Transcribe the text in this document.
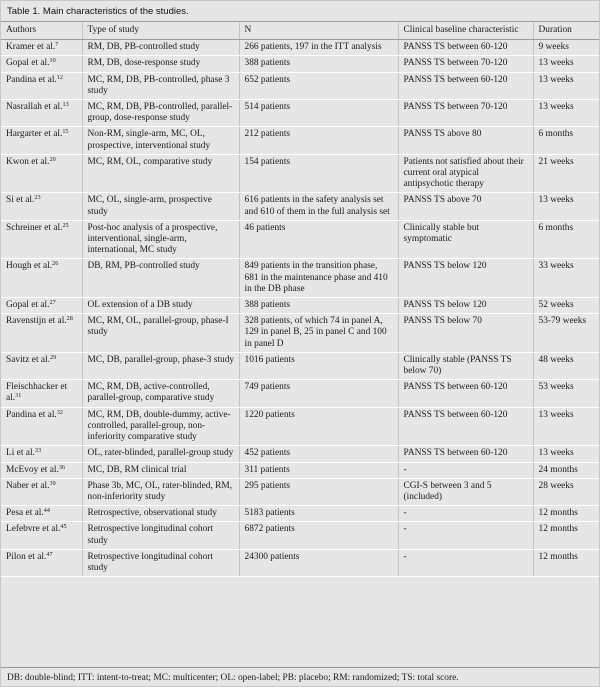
Table 1. Main characteristics of the studies.
Authors	Type of study	N	Clinical baseline characteristic	Duration
Kramer et al.$^7$	RM, DB, PB-controlled study	266 patients, 197 in the ITT analysis	PANSS TS between 60-120	9 weeks
Gopal et al.$^{10}$	RM, DB, dose-response study	388 patients	PANSS TS between 70-120	13 weeks
Pandina et al.$^{12}$	MC, RM, DB, PB-controlled, phase 3 study	652 patients	PANSS TS between 60-120	13 weeks
Nasrallah et al.$^{13}$	MC, RM, DB, PB-controlled, parallel-group, dose-response study	514 patients	PANSS TS between 70-120	13 weeks
Hargarter et al.$^{15}$	Non-RM, single-arm, MC, OL, prospective, interventional study	212 patients	PANSS TS above 80	6 months
Kwon et al.$^{20}$	MC, RM, OL, comparative study	154 patients	Patients not satisfied about their current oral atypical antipsychotic therapy	21 weeks
Si et al.$^{23}$	MC, OL, single-arm, prospective study	616 patients in the safety analysis set and 610 of them in the full analysis set	PANSS TS above 70	13 weeks
Schreiner et al.$^{25}$	Post-hoc analysis of a prospective, interventional, single-arm, international, MC study	46 patients	Clinically stable but symptomatic	6 months
Hough et al.$^{26}$	DB, RM, PB-controlled study	849 patients in the transition phase, 681 in the maintenance phase and 410 in the DB phase	PANSS TS below 120	33 weeks
Gopal et al.$^{27}$	OL extension of a DB study	388 patients	PANSS TS below 120	52 weeks
Ravenstijn et al.$^{28}$	MC, RM, OL, parallel-group, phase-I study	328 patients, of which 74 in panel A, 129 in panel B, 25 in panel C and 100 in panel D	PANSS TS below 70	53-79 weeks
Savitz et al.$^{29}$	MC, DB, parallel-group, phase-3 study	1016 patients	Clinically stable (PANSS TS below 70)	48 weeks
Fleischhacker et al.$^{31}$	MC, RM, DB, active-controlled, parallel-group, comparative study	749 patients	PANSS TS between 60-120	53 weeks
Pandina et al.$^{32}$	MC, RM, DB, double-dummy, active-controlled, parallel-group, non-inferiority comparative study	1220 patients	PANSS TS between 60-120	13 weeks
Li et al.$^{33}$	OL, rater-blinded, parallel-group study	452 patients	PANSS TS between 60-120	13 weeks
McEvoy et al.$^{36}$	MC, DB, RM clinical trial	311 patients	-	24 months
Naber et al.$^{39}$	Phase 3b, MC, OL, rater-blinded, RM, non-inferiority study	295 patients	CGI-S between 3 and 5 (included)	28 weeks
Pesa et al.$^{44}$	Retrospective, observational study	5183 patients	-	12 months
Lefebvre et al.$^{45}$	Retrospective longitudinal cohort study	6872 patients	-	12 months
Pilon et al.$^{47}$	Retrospective longitudinal cohort study	24300 patients	-	12 months
DB: double-blind; ITT: intent-to-treat; MC: multicenter; OL: open-label; PB: placebo; RM: randomized; TS: total score.
